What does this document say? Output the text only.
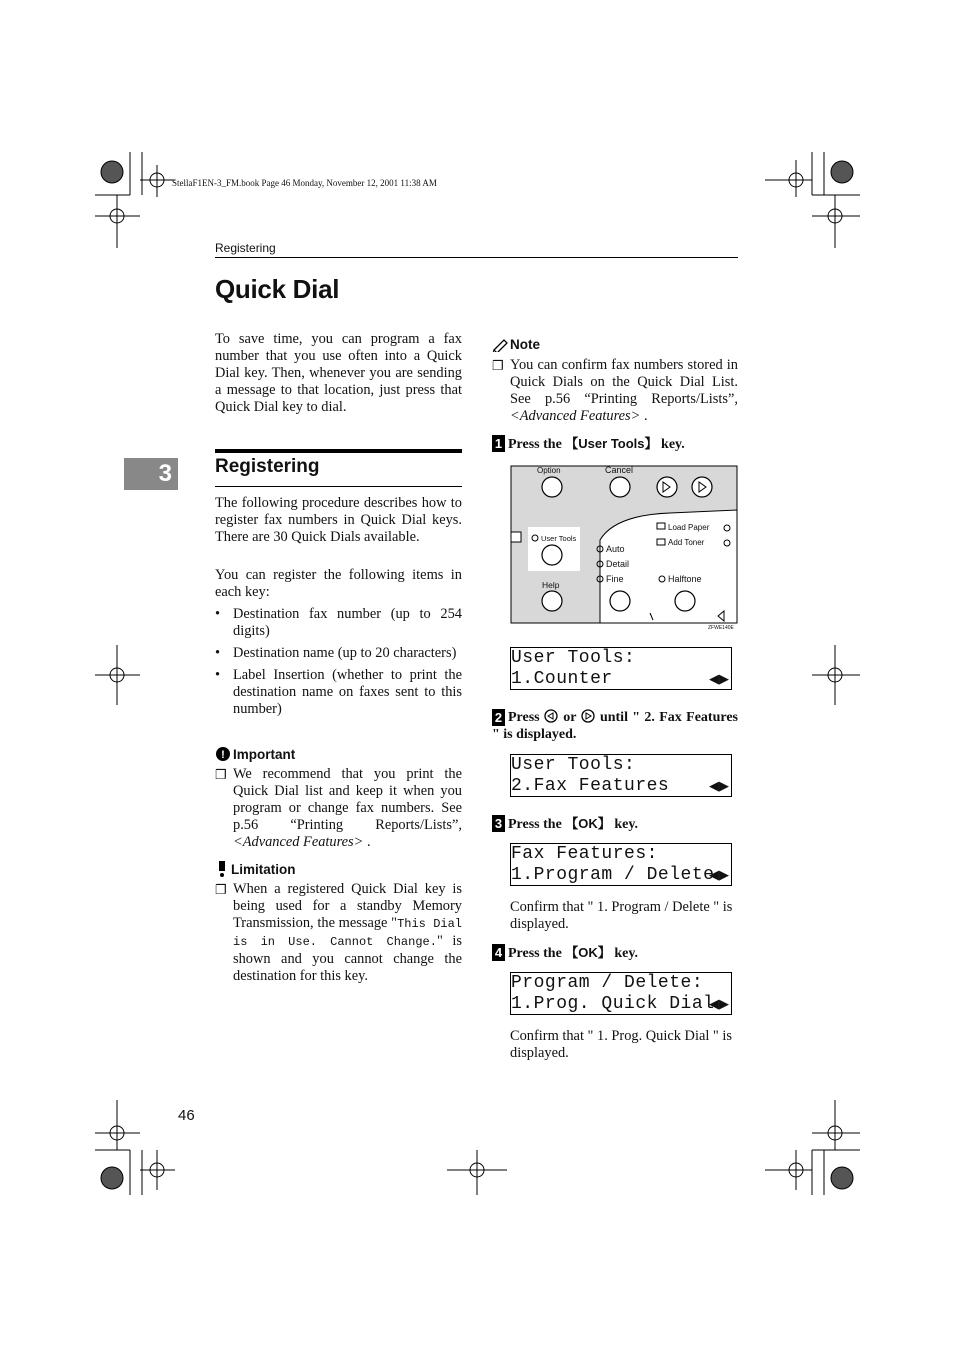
StellaF1EN-3_FM.book Page 46 Monday, November 12, 2001 11:38 AM
Registering
Quick Dial
3

To save time, you can program a fax number that you use often into a Quick Dial key. Then, whenever you are sending a message to that location, just press that Quick Dial key to dial.

Registering

The following procedure describes how to register fax numbers in Quick Dial keys. There are 30 Quick Dials available.

You can register the following items in each key:

• Destination fax number (up to 254 digits)
• Destination name (up to 20 characters)
• Label Insertion (whether to print the destination name on faxes sent to this number)
! Important
❒ We recommend that you print the Quick Dial list and keep it when you program or change fax numbers. See p.56 “Printing Reports/Lists”, <Advanced Features> .
Limitation
❒ When a registered Quick Dial key is being used for a standby Memory Transmission, the message "This Dial is in Use. Cannot Change." is shown and you cannot change the destination for this key.
Note
❒ You can confirm fax numbers stored in Quick Dials on the Quick Dial List. See p.56 “Printing Reports/Lists”, <Advanced Features> .
1 Press the 【User Tools】 key.
Option	Cancel
User Tools
Help
Auto
Detail
Fine	Halftone
Load Paper
Add Toner
ZFWE140E
User Tools:
1.Counter	◀▶
2 Press  or  until " 2. Fax Features " is displayed.
User Tools:
2.Fax Features	◀▶
3 Press the 【OK】 key.
Fax Features:
1.Program / Delete
◀▶

Confirm that " 1. Program / Delete " is displayed.

4 Press the 【OK】 key.
Program / Delete:
1.Prog. Quick Dial
◀▶

Confirm that " 1. Prog. Quick Dial " is displayed.

46
